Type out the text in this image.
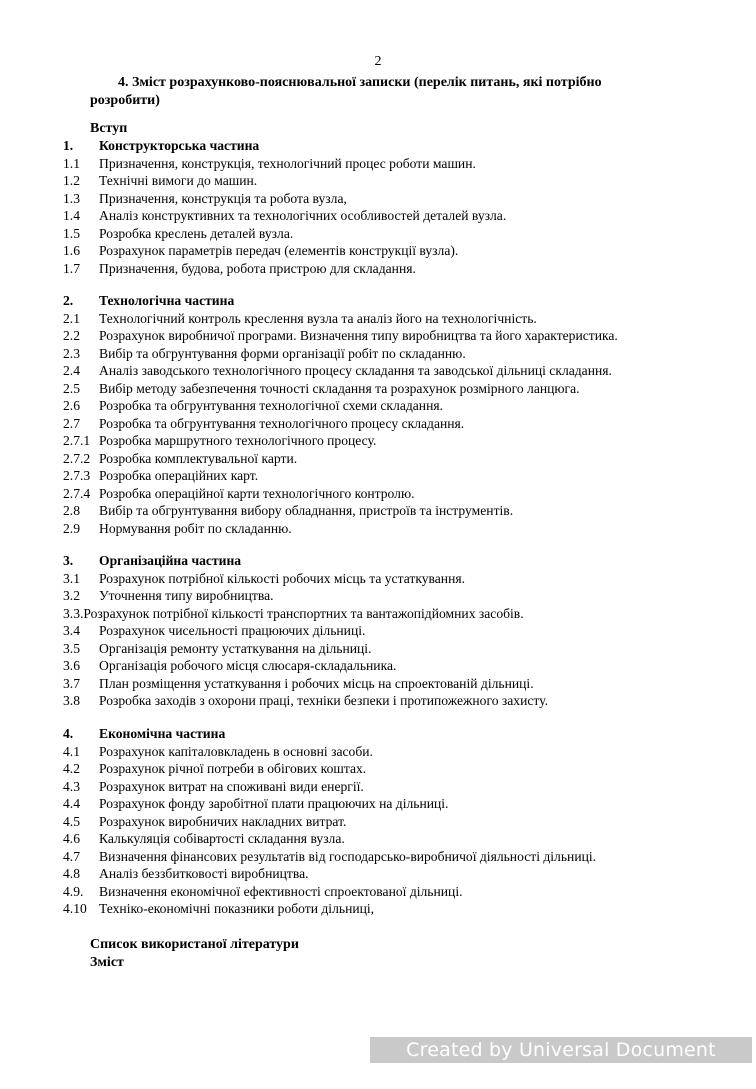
2
4. Зміст розрахунково-пояснювальної записки (перелік питань, які потрібно
розробити)
Вступ
1.	Конструкторська частина
1.1	Призначення, конструкція, технологічний процес роботи машин.
1.2	Технічні вимоги до машин.
1.3	Призначення, конструкція та робота вузла,
1.4	Аналіз конструктивних та технологічних особливостей деталей вузла.
1.5	Розробка креслень деталей вузла.
1.6	Розрахунок параметрів передач (елементів конструкції вузла).
1.7	Призначення, будова, робота пристрою для складання.
2.	Технологічна частина
2.1	Технологічний контроль креслення вузла та аналіз його на технологічність.
2.2	Розрахунок виробничої програми. Визначення типу виробництва та його характеристика.
2.3	Вибір та обгрунтування форми організації робіт по складанню.
2.4	Аналіз заводського технологічного процесу складання та заводської дільниці складання.
2.5	Вибір методу забезпечення точності складання та розрахунок розмірного ланцюга.
2.6	Розробка та обгрунтування технологічної схеми складання.
2.7	Розробка та обгрунтування технологічного процесу складання.
2.7.1 Розробка маршрутного технологічного процесу.
2.7.2 Розробка комплектувальної карти.
2.7.3 Розробка операційних карт.
2.7.4 Розробка операційної карти технологічного контролю.
2.8	Вибір та обгрунтування вибору обладнання, пристроїв та інструментів.
2.9	Нормування робіт по складанню.
3.	Організаційна частина
3.1	Розрахунок потрібної кількості робочих місць та устаткування.
3.2	Уточнення типу виробництва.
3.3. Розрахунок потрібної кількості транспортних та вантажопідйомних засобів.
3.4	Розрахунок чисельності працюючих дільниці.
3.5	Організація ремонту устаткування на дільниці.
3.6	Організація робочого місця слюсаря-складальника.
3.7	План розміщення устаткування і робочих місць на спроектованій дільниці.
3.8	Розробка заходів з охорони праці, техніки безпеки і протипожежного захисту.
4.	Економічна частина
4.1	Розрахунок капіталовкладень в основні засоби.
4.2	Розрахунок річної потреби в обігових коштах.
4.3	Розрахунок витрат на споживані види енергії.
4.4	Розрахунок фонду заробітної плати працюючих на дільниці.
4.5	Розрахунок виробничих накладних витрат.
4.6	Калькуляція собівартості складання вузла.
4.7	Визначення фінансових результатів від господарсько-виробничої діяльності дільниці.
4.8	Аналіз беззбитковості виробництва.
4.9.	Визначення економічної ефективності спроектованої дільниці.
4.10 Техніко-економічні показники роботи дільниці,
Список використаної літератури
Зміст
Created by Universal Document Converter
